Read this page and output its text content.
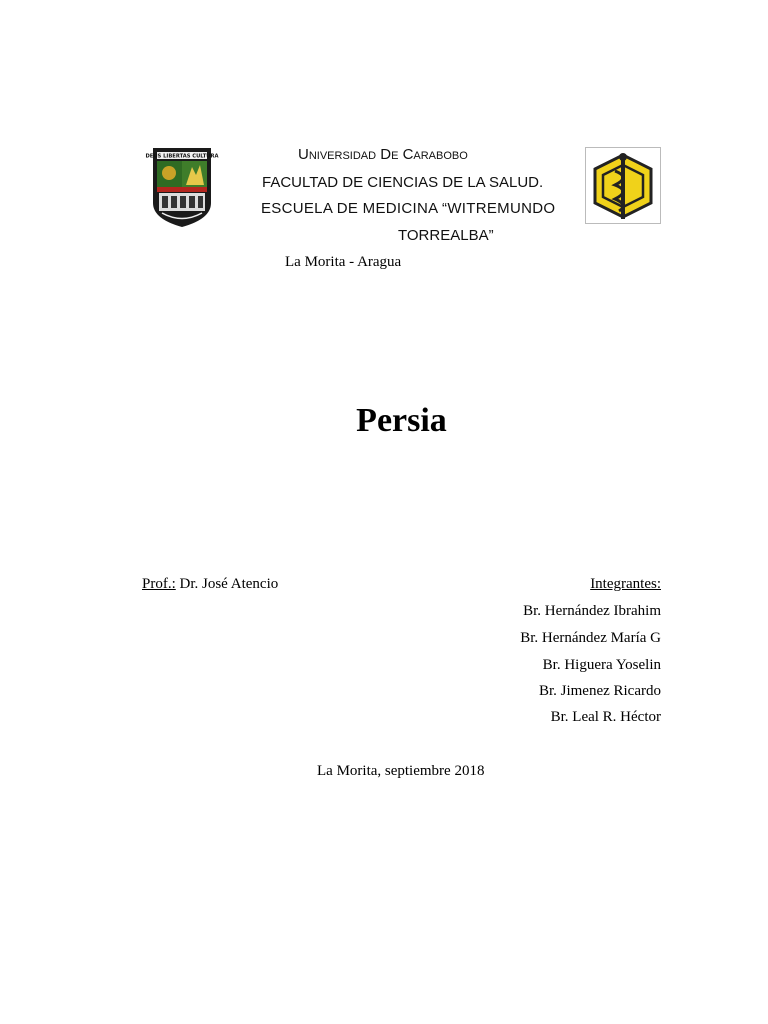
DEUS LIBERTAS CULTURA	Universidad De Carabobo
FACULTAD DE CIENCIAS DE LA SALUD.
ESCUELA DE MEDICINA “WITREMUNDO
TORREALBA”
La Morita - Aragua
Persia
Prof.: Dr. José Atencio	Integrantes:
Br. Hernández Ibrahim
Br. Hernández María G
Br. Higuera Yoselin
Br. Jimenez Ricardo
Br. Leal R. Héctor
La Morita, septiembre 2018
